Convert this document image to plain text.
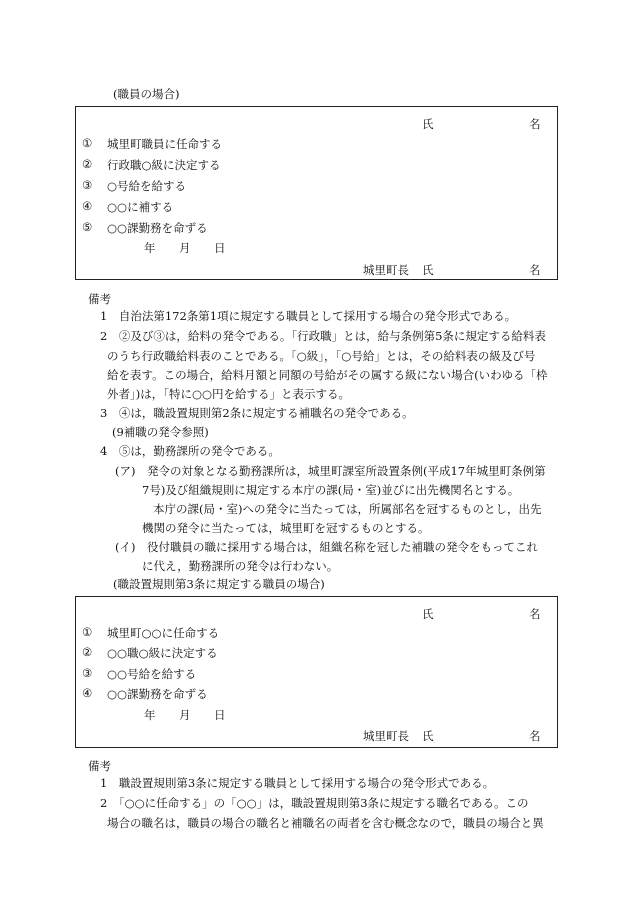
(職員の場合)
氏	名
① 城里町職員に任命する
② 行政職○級に決定する
③ ○号給を給する
④ ○○に補する
⑤ ○○課勤務を命ずる
年 月 日
城里町長 氏	名
備考
1　自治法第172条第1項に規定する職員として採用する場合の発令形式である。
2　②及び③は，給料の発令である。「行政職」とは，給与条例第5条に規定する給料表
のうち行政職給料表のことである。「○級」，「○号給」とは，その給料表の級及び号
給を表す。この場合，給料月額と同額の号給がその属する級にない場合(いわゆる「枠
外者」)は，「特に○○円を給する」と表示する。
3　④は，職設置規則第2条に規定する補職名の発令である。
(9補職の発令参照)
4　⑤は，勤務課所の発令である。
(ア)　発令の対象となる勤務課所は，城里町課室所設置条例(平成17年城里町条例第
7号)及び組織規則に規定する本庁の課(局・室)並びに出先機関名とする。
本庁の課(局・室)への発令に当たっては，所属部名を冠するものとし，出先
機関の発令に当たっては，城里町を冠するものとする。
(イ)　役付職員の職に採用する場合は，組織名称を冠した補職の発令をもってこれ
に代え，勤務課所の発令は行わない。
(職設置規則第3条に規定する職員の場合)
氏	名
① 城里町○○に任命する
② ○○職○級に決定する
③ ○○号給を給する
④ ○○課勤務を命ずる
年 月 日
城里町長 氏	名
備考
1　職設置規則第3条に規定する職員として採用する場合の発令形式である。
2　「○○に任命する」の「○○」は，職設置規則第3条に規定する職名である。この
場合の職名は，職員の場合の職名と補職名の両者を含む概念なので，職員の場合と異
